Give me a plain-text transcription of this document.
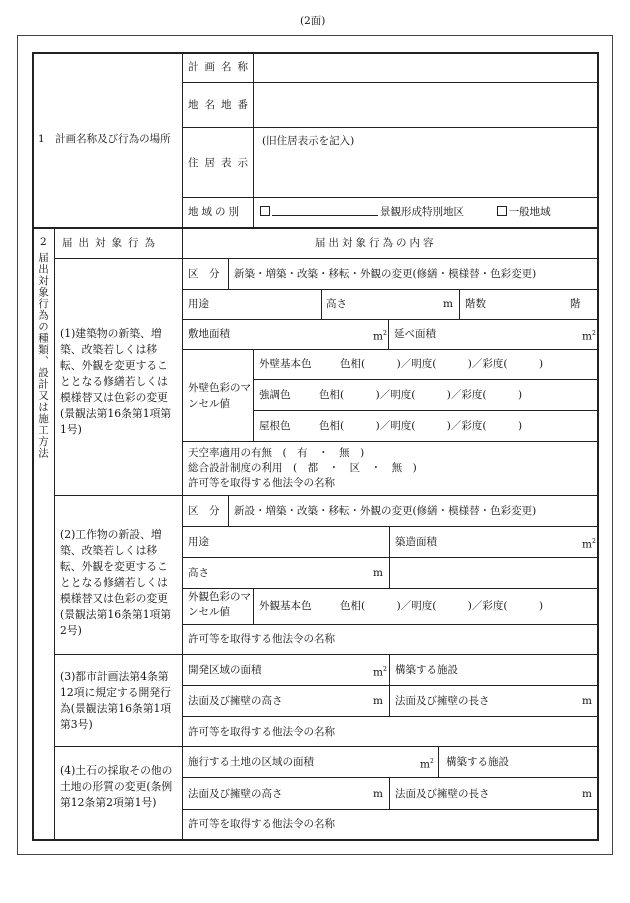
(2面)
1　計画名称及び行為の場所
計画名称
地名地番
住居表示
(旧住居表示を記入)
地域の別	景観形成特別地区	一般地域
2
届出対象行為の種類、設計又は施工方法
届出対象行為	届出対象行為の内容
(1)建築物の新築、増築、改築若しくは移転、外観を変更することとなる修繕若しくは模様替又は色彩の変更(景観法第16条第1項第1号)
区　分 新築・増築・改築・移転・外観の変更(修繕・模様替・色彩変更)
用途	高さ	m 階数	階
敷地面積	$m^2$ 延べ面積	$m^2$
外壁色彩のマンセル値
外壁基本色	色相(　　　)／明度(　　　)／彩度(　　　)
強調色	色相(　　　)／明度(　　　)／彩度(　　　)
屋根色	色相(　　　)／明度(　　　)／彩度(　　　)
天空率適用の有無　(　有　・　無　)
総合設計制度の利用　(　都　・　区　・　無　)
許可等を取得する他法令の名称
(2)工作物の新設、増築、改築若しくは移転、外観を変更することとなる修繕若しくは模様替又は色彩の変更(景観法第16条第1項第2号)
区　分 新設・増築・改築・移転・外観の変更(修繕・模様替・色彩変更)
用途	築造面積	$m^2$
高さ	m
外観色彩のマンセル値	外観基本色	色相(　　　)／明度(　　　)／彩度(　　　)
許可等を取得する他法令の名称
(3)都市計画法第4条第12項に規定する開発行為(景観法第16条第1項第3号)
開発区域の面積	$m^2$ 構築する施設
法面及び擁壁の高さ	m 法面及び擁壁の長さ	m
許可等を取得する他法令の名称
(4)土石の採取その他の土地の形質の変更(条例第12条第2項第1号)
施行する土地の区域の面積	$m^2$ 構築する施設
法面及び擁壁の高さ	m 法面及び擁壁の長さ	m
許可等を取得する他法令の名称
